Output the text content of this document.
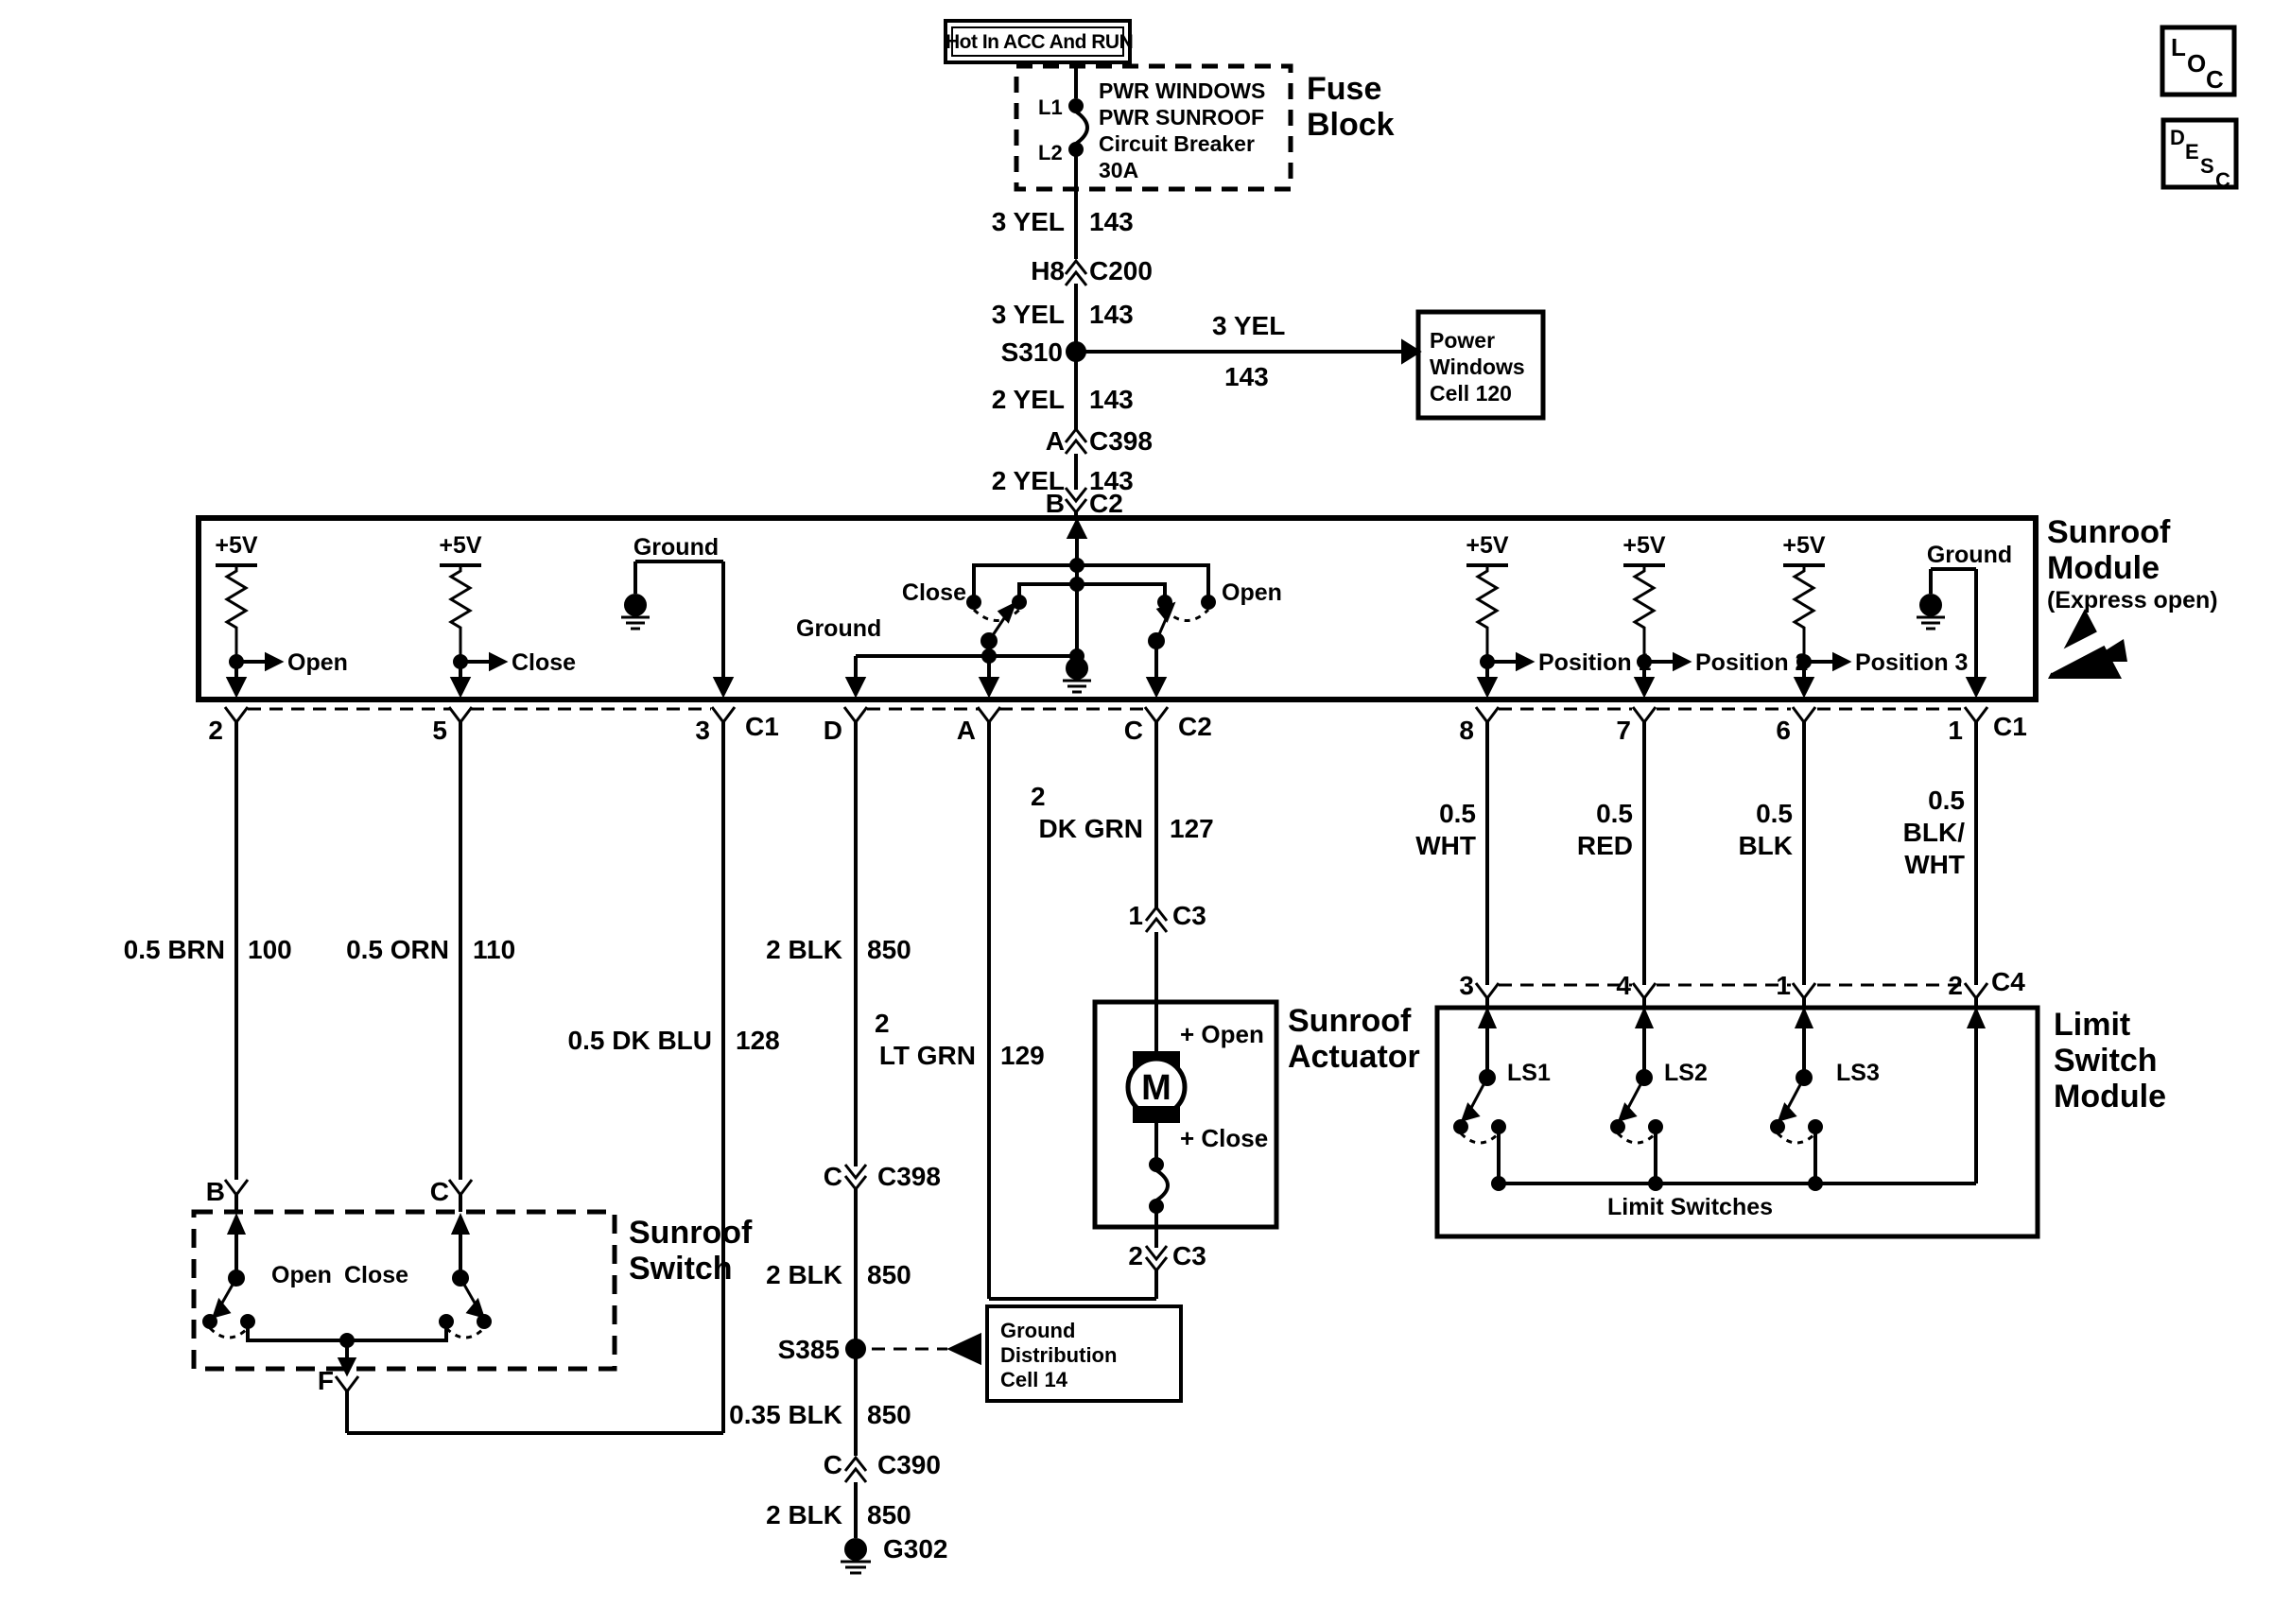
Hot In ACC And RUN	L
O
C
D
E
S
C
L1
L2
PWR WINDOWS
PWR SUNROOF
Circuit Breaker
30A
Fuse
Block
3 YEL 143
H8 C200
3 YEL 143
S310
3 YEL
143
Power
Windows
Cell 120
2 YEL 143
A C398
2 YEL 143
B C2
Sunroof
Module
(Express open)
+5V	+5V	+5V	+5V	+5V
Ground	Ground
Open	Close
Ground
Close	Open
Position 1 Position 2 Position 3
2	5	3 C1	D	A	C C2	8	7	6	1 C1
0.5 BRN 100	0.5 ORN 110
0.5 DK BLU 128
2 BLK 850
2
LT GRN 129
2
DK GRN 127
1 C3
0.5
WHT
0.5
RED
0.5
BLK
0.5
BLK/
WHT
B	C
Open Close
F
Sunroof
Switch
+ Open
M
+ Close
Sunroof
Actuator
2 C3
C C398
2 BLK 850
S385
Ground
Distribution
Cell 14
0.35 BLK 850
C C390
2 BLK 850
G302
3	4	1	2 C4
LS1	LS2	LS3
Limit Switches
Limit
Switch
Module
